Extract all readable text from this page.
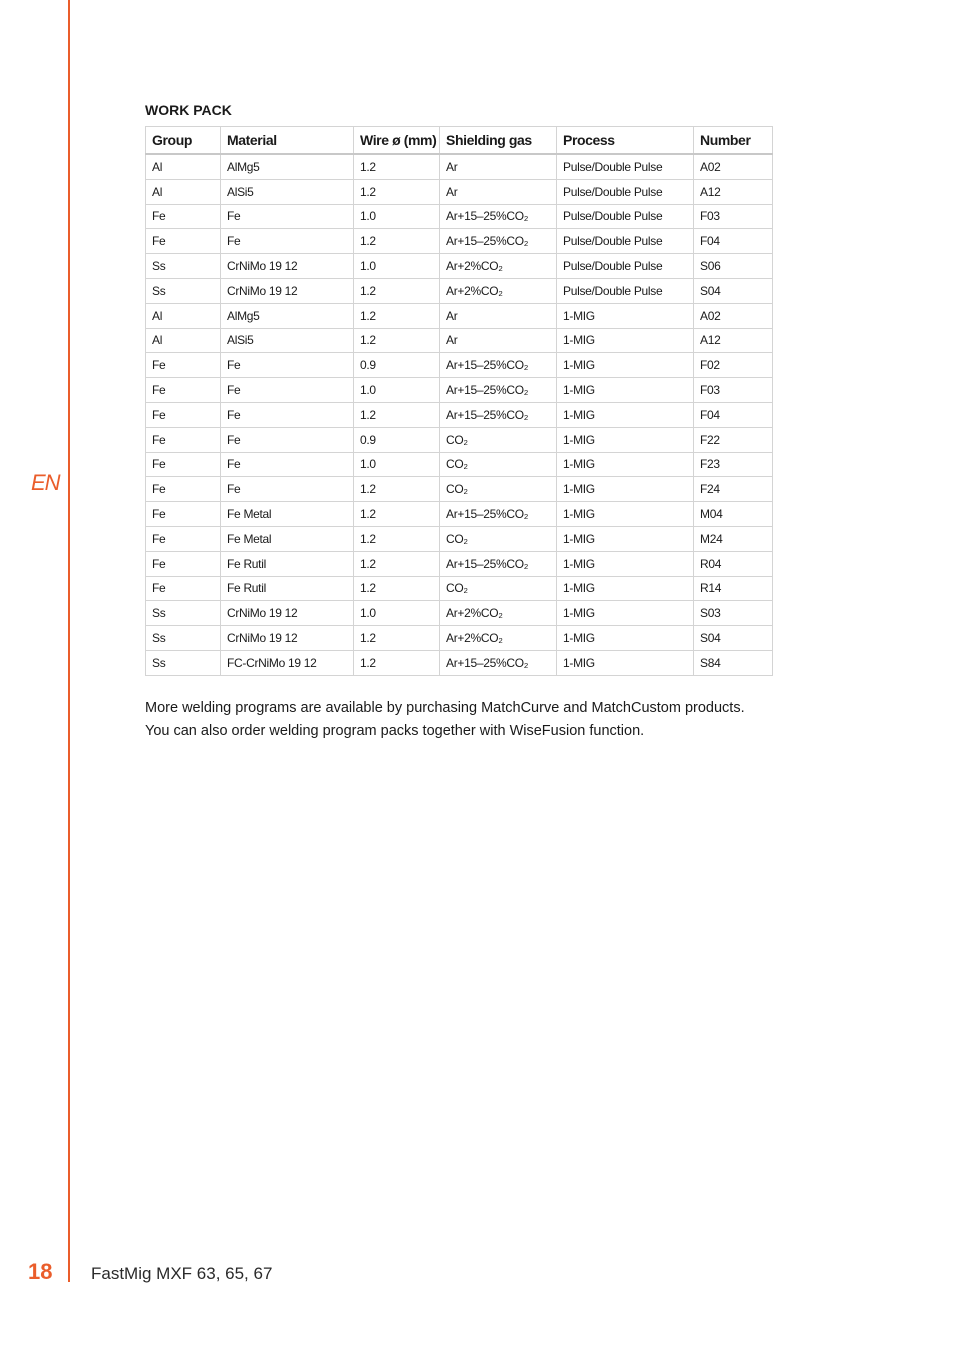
EN
18 FastMig MXF 63, 65, 67
WORK PACK
Group	Material	Wire ø (mm)	Shielding gas	Process	Number
Al	AlMg5	1.2	Ar	Pulse/Double Pulse	A02
Al	AlSi5	1.2	Ar	Pulse/Double Pulse	A12
Fe	Fe	1.0	Ar+15–25%CO₂	Pulse/Double Pulse	F03
Fe	Fe	1.2	Ar+15–25%CO₂	Pulse/Double Pulse	F04
Ss	CrNiMo 19 12	1.0	Ar+2%CO₂	Pulse/Double Pulse	S06
Ss	CrNiMo 19 12	1.2	Ar+2%CO₂	Pulse/Double Pulse	S04
Al	AlMg5	1.2	Ar	1-MIG	A02
Al	AlSi5	1.2	Ar	1-MIG	A12
Fe	Fe	0.9	Ar+15–25%CO₂	1-MIG	F02
Fe	Fe	1.0	Ar+15–25%CO₂	1-MIG	F03
Fe	Fe	1.2	Ar+15–25%CO₂	1-MIG	F04
Fe	Fe	0.9	CO₂	1-MIG	F22
Fe	Fe	1.0	CO₂	1-MIG	F23
Fe	Fe	1.2	CO₂	1-MIG	F24
Fe	Fe Metal	1.2	Ar+15–25%CO₂	1-MIG	M04
Fe	Fe Metal	1.2	CO₂	1-MIG	M24
Fe	Fe Rutil	1.2	Ar+15–25%CO₂	1-MIG	R04
Fe	Fe Rutil	1.2	CO₂	1-MIG	R14
Ss	CrNiMo 19 12	1.0	Ar+2%CO₂	1-MIG	S03
Ss	CrNiMo 19 12	1.2	Ar+2%CO₂	1-MIG	S04
Ss	FC-CrNiMo 19 12	1.2	Ar+15–25%CO₂	1-MIG	S84

More welding programs are available by purchasing MatchCurve and MatchCustom products.

You can also order welding program packs together with WiseFusion function.
